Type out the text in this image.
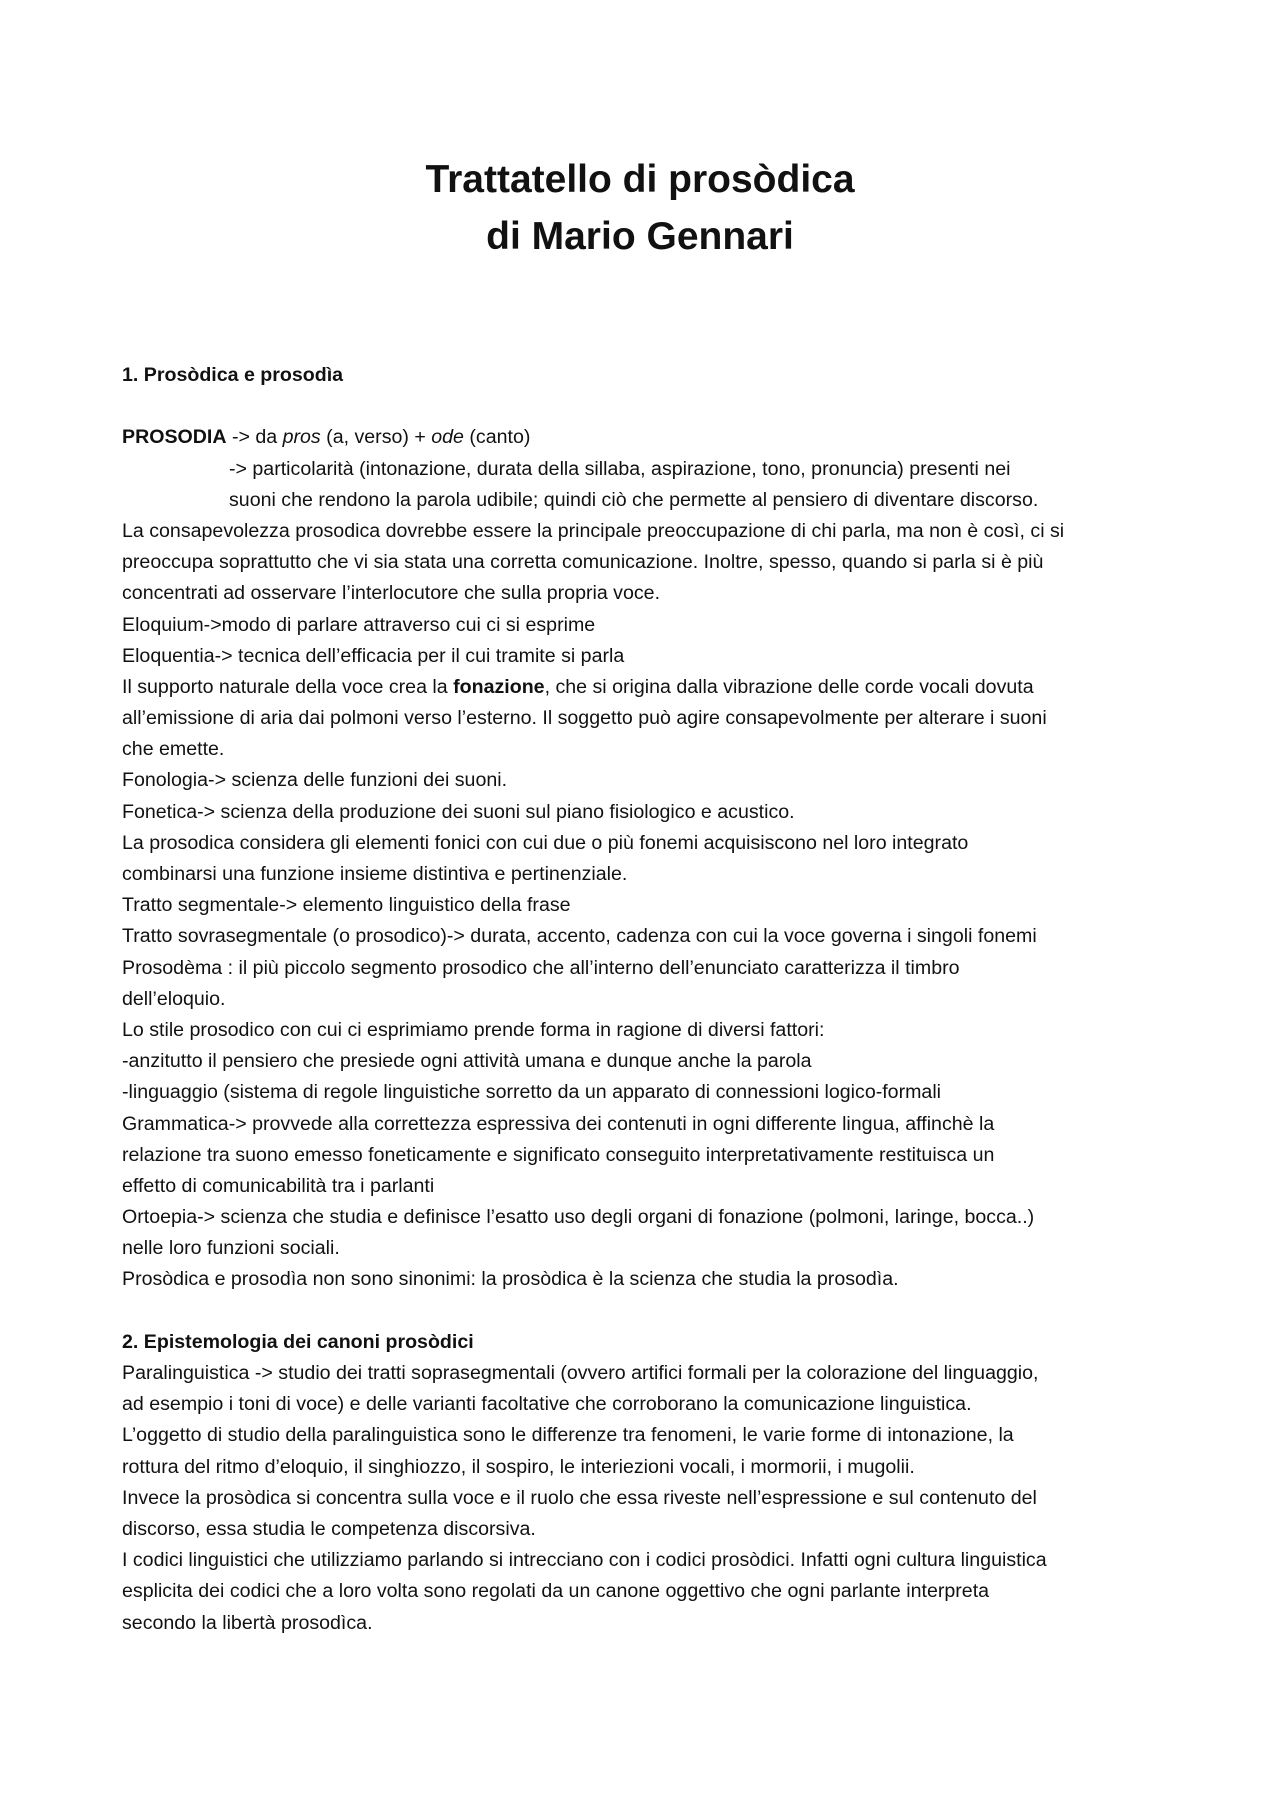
Trattatello di prosòdica
di Mario Gennari
1. Prosòdica e prosodìa
PROSODIA -> da pros (a, verso) + ode (canto)
-> particolarità (intonazione, durata della sillaba, aspirazione, tono, pronuncia) presenti nei
suoni che rendono la parola udibile; quindi ciò che permette al pensiero di diventare discorso.
La consapevolezza prosodica dovrebbe essere la principale preoccupazione di chi parla, ma non è così, ci si
preoccupa soprattutto che vi sia stata una corretta comunicazione. Inoltre, spesso, quando si parla si è più
concentrati ad osservare l’interlocutore che sulla propria voce.
Eloquium->modo di parlare attraverso cui ci si esprime
Eloquentia-> tecnica dell’efficacia per il cui tramite si parla
Il supporto naturale della voce crea la fonazione, che si origina dalla vibrazione delle corde vocali dovuta
all’emissione di aria dai polmoni verso l’esterno. Il soggetto può agire consapevolmente per alterare i suoni
che emette.
Fonologia-> scienza delle funzioni dei suoni.
Fonetica-> scienza della produzione dei suoni sul piano fisiologico e acustico.
La prosodica considera gli elementi fonici con cui due o più fonemi acquisiscono nel loro integrato
combinarsi una funzione insieme distintiva e pertinenziale.
Tratto segmentale-> elemento linguistico della frase
Tratto sovrasegmentale (o prosodico)-> durata, accento, cadenza con cui la voce governa i singoli fonemi
Prosodèma : il più piccolo segmento prosodico che all’interno dell’enunciato caratterizza il timbro
dell’eloquio.
Lo stile prosodico con cui ci esprimiamo prende forma in ragione di diversi fattori:
-anzitutto il pensiero che presiede ogni attività umana e dunque anche la parola
-linguaggio (sistema di regole linguistiche sorretto da un apparato di connessioni logico-formali
Grammatica-> provvede alla correttezza espressiva dei contenuti in ogni differente lingua, affinchè la
relazione tra suono emesso foneticamente e significato conseguito interpretativamente restituisca un
effetto di comunicabilità tra i parlanti
Ortoepia-> scienza che studia e definisce l’esatto uso degli organi di fonazione (polmoni, laringe, bocca..)
nelle loro funzioni sociali.
Prosòdica e prosodìa non sono sinonimi: la prosòdica è la scienza che studia la prosodìa.
2. Epistemologia dei canoni prosòdici
Paralinguistica -> studio dei tratti soprasegmentali (ovvero artifici formali per la colorazione del linguaggio,
ad esempio i toni di voce) e delle varianti facoltative che corroborano la comunicazione linguistica.
L’oggetto di studio della paralinguistica sono le differenze tra fenomeni, le varie forme di intonazione, la
rottura del ritmo d’eloquio, il singhiozzo, il sospiro, le interiezioni vocali, i mormorii, i mugolii.
Invece la prosòdica si concentra sulla voce e il ruolo che essa riveste nell’espressione e sul contenuto del
discorso, essa studia le competenza discorsiva.
I codici linguistici che utilizziamo parlando si intrecciano con i codici prosòdici. Infatti ogni cultura linguistica
esplicita dei codici che a loro volta sono regolati da un canone oggettivo che ogni parlante interpreta
secondo la libertà prosodìca.
